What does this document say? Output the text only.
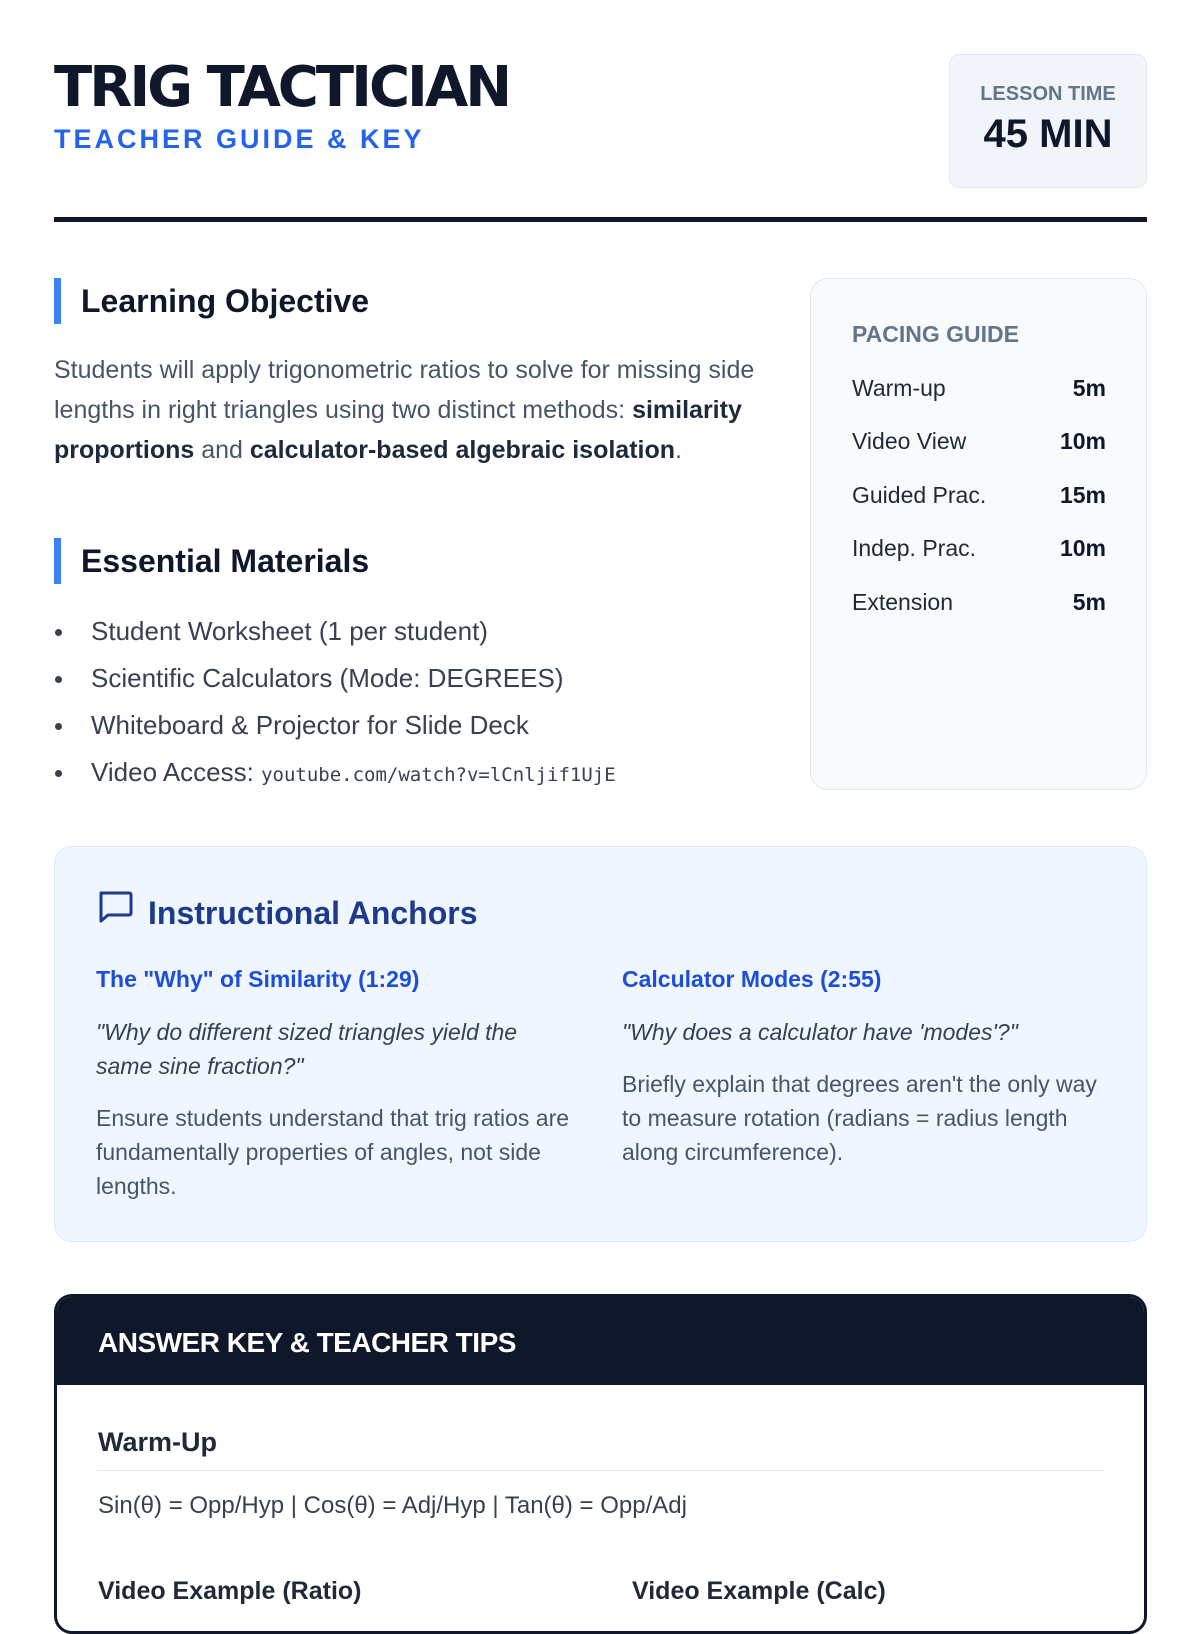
TRIG TACTICIAN
TEACHER GUIDE & KEY
LESSON TIME
45 MIN
Learning Objective
Students will apply trigonometric ratios to solve for missing side lengths in right triangles using two distinct methods: similarity proportions and calculator-based algebraic isolation.
Essential Materials
Student Worksheet (1 per student)
Scientific Calculators (Mode: DEGREES)
Whiteboard & Projector for Slide Deck
Video Access: youtube.com/watch?v=lCnljif1UjE
PACING GUIDE
Warm-up	5m
Video View	10m
Guided Prac.	15m
Indep. Prac.	10m
Extension	5m
Instructional Anchors
The "Why" of Similarity (1:29)
"Why do different sized triangles yield the same sine fraction?"
Ensure students understand that trig ratios are fundamentally properties of angles, not side lengths.
Calculator Modes (2:55)
"Why does a calculator have 'modes'?"
Briefly explain that degrees aren't the only way to measure rotation (radians = radius length along circumference).
ANSWER KEY & TEACHER TIPS
Warm-Up
Sin(θ) = Opp/Hyp | Cos(θ) = Adj/Hyp | Tan(θ) = Opp/Adj
Video Example (Ratio)	Video Example (Calc)
